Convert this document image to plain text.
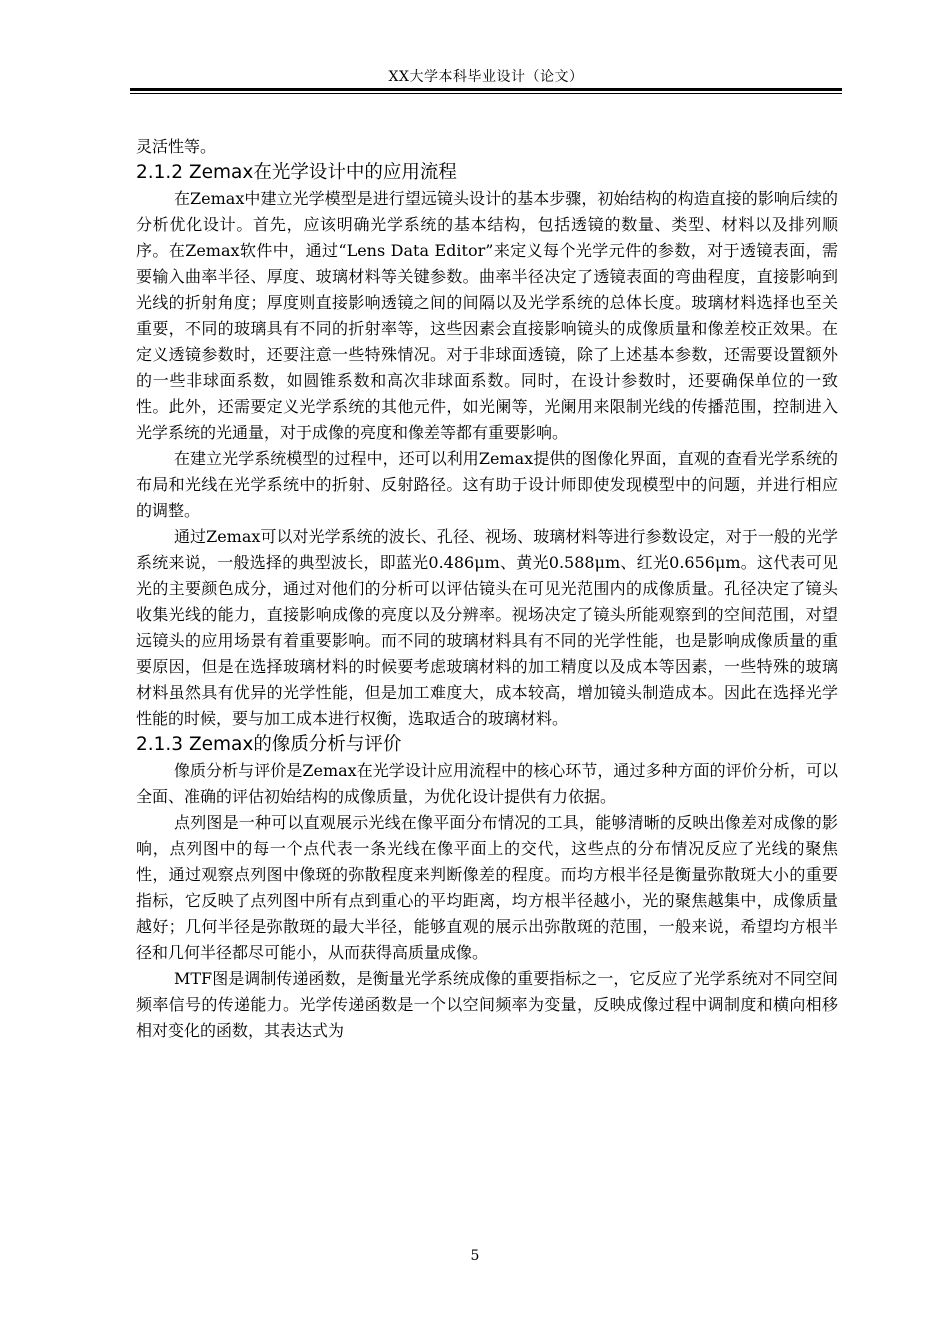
XX大学本科毕业设计（论文）

灵活性等。

2.1.2 Zemax在光学设计中的应用流程

在Zemax中建立光学模型是进行望远镜头设计的基本步骤，初始结构的构造直接的影响后续的分析优化设计。首先，应该明确光学系统的基本结构，包括透镜的数量、类型、材料以及排列顺序。在Zemax软件中，通过“Lens Data Editor”来定义每个光学元件的参数，对于透镜表面，需要输入曲率半径、厚度、玻璃材料等关键参数。曲率半径决定了透镜表面的弯曲程度，直接影响到光线的折射角度；厚度则直接影响透镜之间的间隔以及光学系统的总体长度。玻璃材料选择也至关重要，不同的玻璃具有不同的折射率等，这些因素会直接影响镜头的成像质量和像差校正效果。在定义透镜参数时，还要注意一些特殊情况。对于非球面透镜，除了上述基本参数，还需要设置额外的一些非球面系数，如圆锥系数和高次非球面系数。同时，在设计参数时，还要确保单位的一致性。此外，还需要定义光学系统的其他元件，如光阑等，光阑用来限制光线的传播范围，控制进入光学系统的光通量，对于成像的亮度和像差等都有重要影响。

在建立光学系统模型的过程中，还可以利用Zemax提供的图像化界面，直观的查看光学系统的布局和光线在光学系统中的折射、反射路径。这有助于设计师即使发现模型中的问题，并进行相应的调整。

通过Zemax可以对光学系统的波长、孔径、视场、玻璃材料等进行参数设定，对于一般的光学系统来说，一般选择的典型波长，即蓝光0.486μm、黄光0.588μm、红光0.656μm。这代表可见光的主要颜色成分，通过对他们的分析可以评估镜头在可见光范围内的成像质量。孔径决定了镜头收集光线的能力，直接影响成像的亮度以及分辨率。视场决定了镜头所能观察到的空间范围，对望远镜头的应用场景有着重要影响。而不同的玻璃材料具有不同的光学性能，也是影响成像质量的重要原因，但是在选择玻璃材料的时候要考虑玻璃材料的加工精度以及成本等因素，一些特殊的玻璃材料虽然具有优异的光学性能，但是加工难度大，成本较高，增加镜头制造成本。因此在选择光学性能的时候，要与加工成本进行权衡，选取适合的玻璃材料。

2.1.3 Zemax的像质分析与评价

像质分析与评价是Zemax在光学设计应用流程中的核心环节，通过多种方面的评价分析，可以全面、准确的评估初始结构的成像质量，为优化设计提供有力依据。

点列图是一种可以直观展示光线在像平面分布情况的工具，能够清晰的反映出像差对成像的影响，点列图中的每一个点代表一条光线在像平面上的交代，这些点的分布情况反应了光线的聚焦性，通过观察点列图中像斑的弥散程度来判断像差的程度。而均方根半径是衡量弥散斑大小的重要指标，它反映了点列图中所有点到重心的平均距离，均方根半径越小，光的聚焦越集中，成像质量越好；几何半径是弥散斑的最大半径，能够直观的展示出弥散斑的范围，一般来说，希望均方根半径和几何半径都尽可能小，从而获得高质量成像。

MTF图是调制传递函数，是衡量光学系统成像的重要指标之一，它反应了光学系统对不同空间频率信号的传递能力。光学传递函数是一个以空间频率为变量，反映成像过程中调制度和横向相移相对变化的函数，其表达式为

5
